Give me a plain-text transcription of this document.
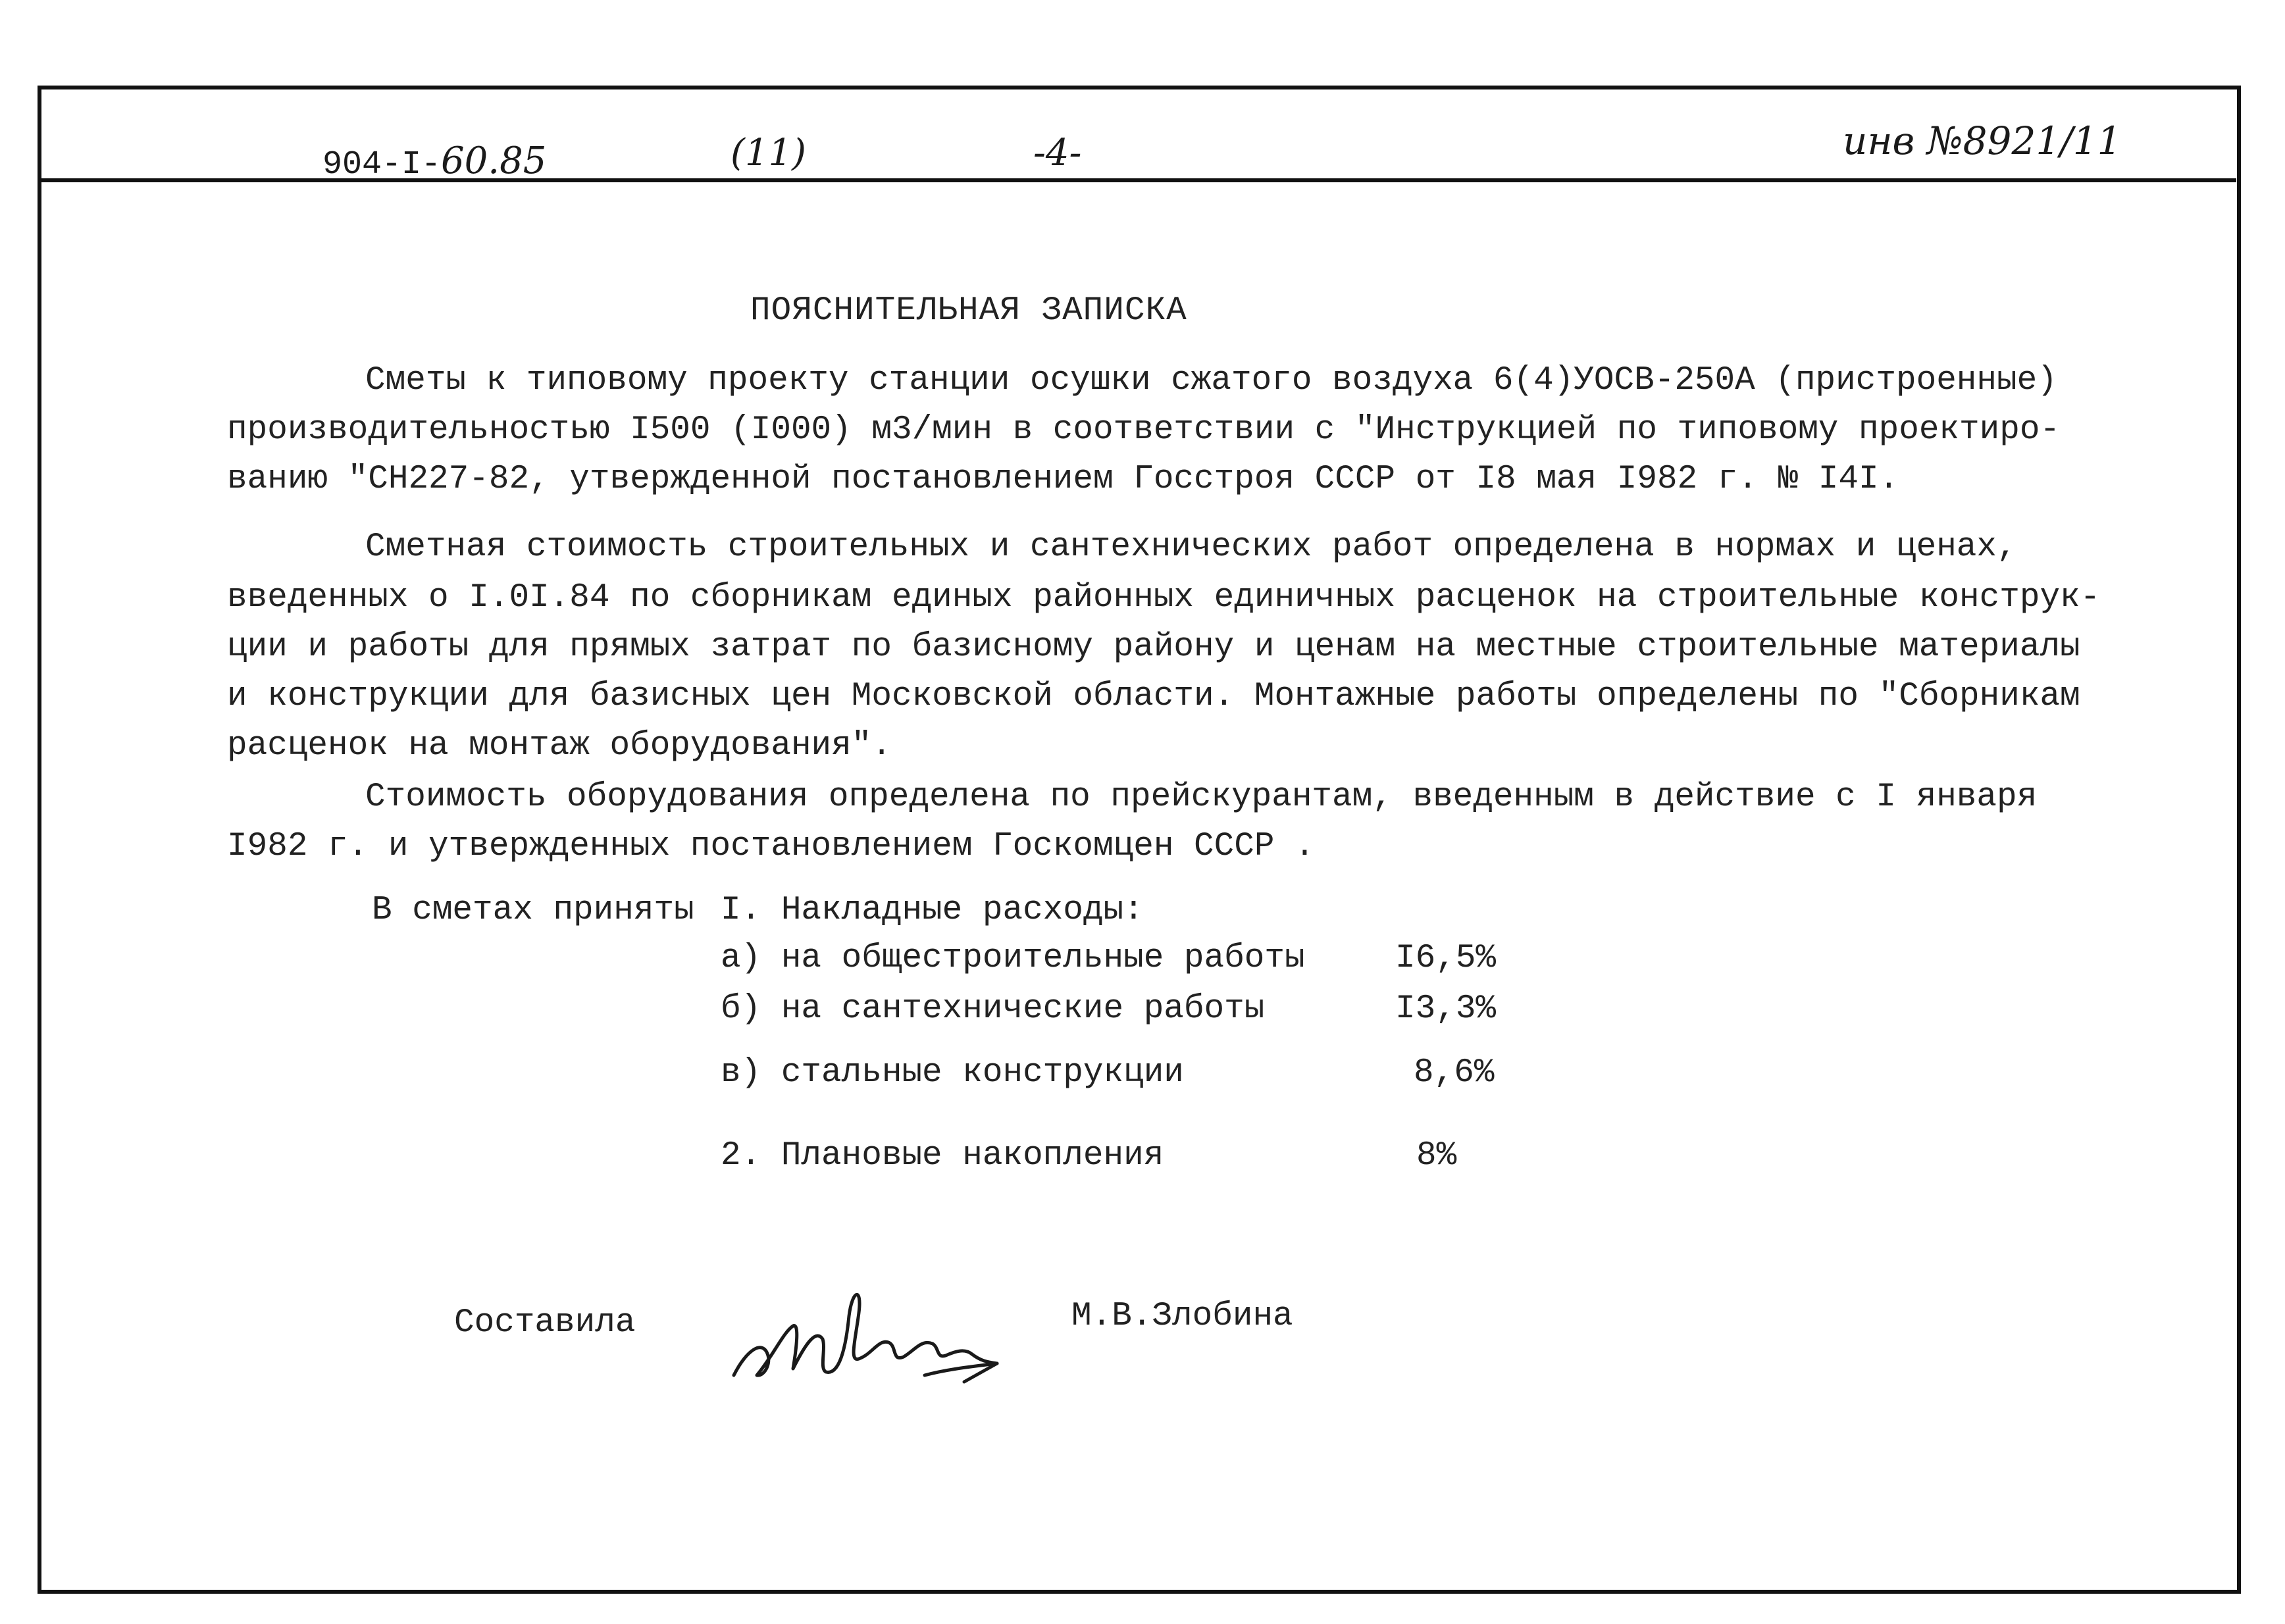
904-I-60.85	(11)	-4-	инв №8921/11
ПОЯСНИТЕЛЬНАЯ ЗАПИСКА
Сметы к типовому проекту станции осушки сжатого воздуха 6(4)УОСВ-250А (пристроенные)
производительностью I500 (I000) м3/мин в соответствии с "Инструкцией по типовому проектиро-
ванию "СН227-82, утвержденной постановлением Госстроя СССР от I8 мая I982 г. № I4I.
Сметная стоимость строительных и сантехнических работ определена в нормах и ценах,
введенных о I.0I.84 по сборникам единых районных единичных расценок на строительные конструк-
ции и работы для прямых затрат по базисному району и ценам на местные строительные материалы
и конструкции для базисных цен Московской области. Монтажные работы определены по "Сборникам
расценок на монтаж оборудования".
Стоимость оборудования определена по прейскурантам, введенным в действие с I января
I982 г. и утвержденных постановлением Госкомцен СССР .
В сметах приняты I. Накладные расходы:
а) на общестроительные работы	I6,5%
б) на сантехнические работы	I3,3%
в) стальные конструкции	8,6%
2. Плановые накопления	8%
Составила	М.В.Злобина
